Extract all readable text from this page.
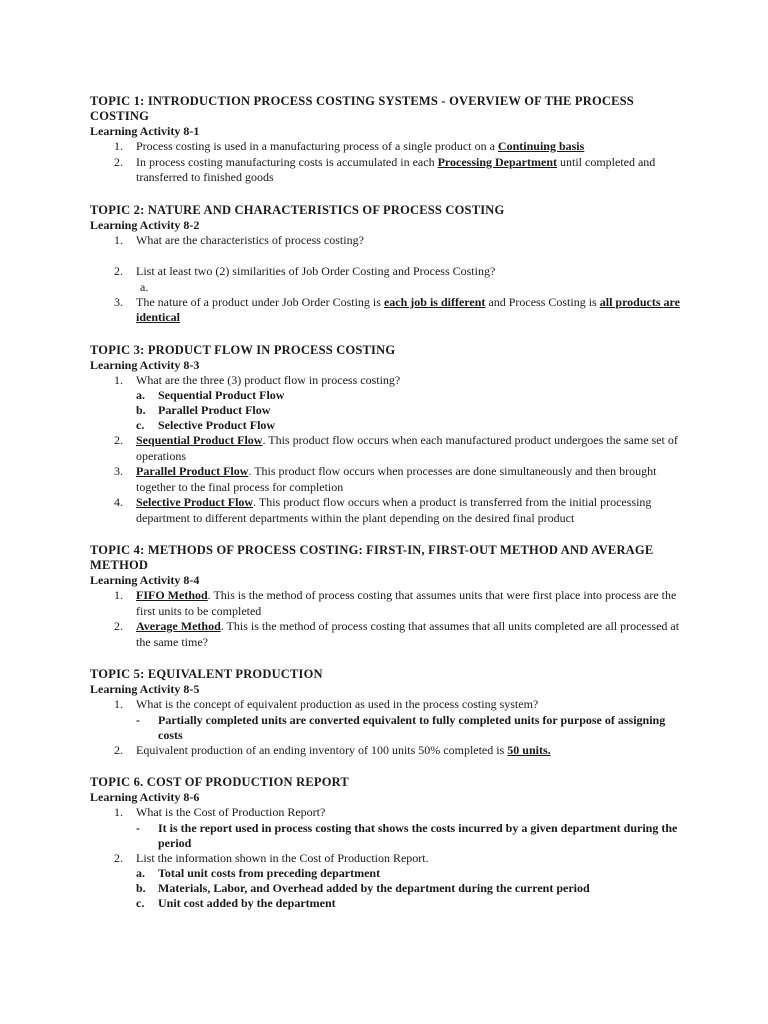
TOPIC 1: INTRODUCTION PROCESS COSTING SYSTEMS - OVERVIEW OF THE PROCESS COSTING

Learning Activity 8-1

1. Process costing is used in a manufacturing process of a single product on a Continuing basis
2. In process costing manufacturing costs is accumulated in each Processing Department until completed and transferred to finished goods

TOPIC 2: NATURE AND CHARACTERISTICS OF PROCESS COSTING

Learning Activity 8-2

1. What are the characteristics of process costing?
2. List at least two (2) similarities of Job Order Costing and Process Costing?
a.
3. The nature of a product under Job Order Costing is each job is different and Process Costing is all products are identical

TOPIC 3: PRODUCT FLOW IN PROCESS COSTING

Learning Activity 8-3

1. What are the three (3) product flow in process costing?
a. Sequential Product Flow
b. Parallel Product Flow
c. Selective Product Flow
2. Sequential Product Flow. This product flow occurs when each manufactured product undergoes the same set of operations
3. Parallel Product Flow. This product flow occurs when processes are done simultaneously and then brought together to the final process for completion
4. Selective Product Flow. This product flow occurs when a product is transferred from the initial processing department to different departments within the plant depending on the desired final product

TOPIC 4: METHODS OF PROCESS COSTING: FIRST-IN, FIRST-OUT METHOD AND AVERAGE METHOD

Learning Activity 8-4

1. FIFO Method. This is the method of process costing that assumes units that were first place into process are the first units to be completed
2. Average Method. This is the method of process costing that assumes that all units completed are all processed at the same time?

TOPIC 5: EQUIVALENT PRODUCTION

Learning Activity 8-5

1. What is the concept of equivalent production as used in the process costing system?
- Partially completed units are converted equivalent to fully completed units for purpose of assigning costs
2. Equivalent production of an ending inventory of 100 units 50% completed is 50 units.

TOPIC 6. COST OF PRODUCTION REPORT

Learning Activity 8-6

1. What is the Cost of Production Report?
- It is the report used in process costing that shows the costs incurred by a given department during the period
2. List the information shown in the Cost of Production Report.
a. Total unit costs from preceding department
b. Materials, Labor, and Overhead added by the department during the current period
c. Unit cost added by the department
